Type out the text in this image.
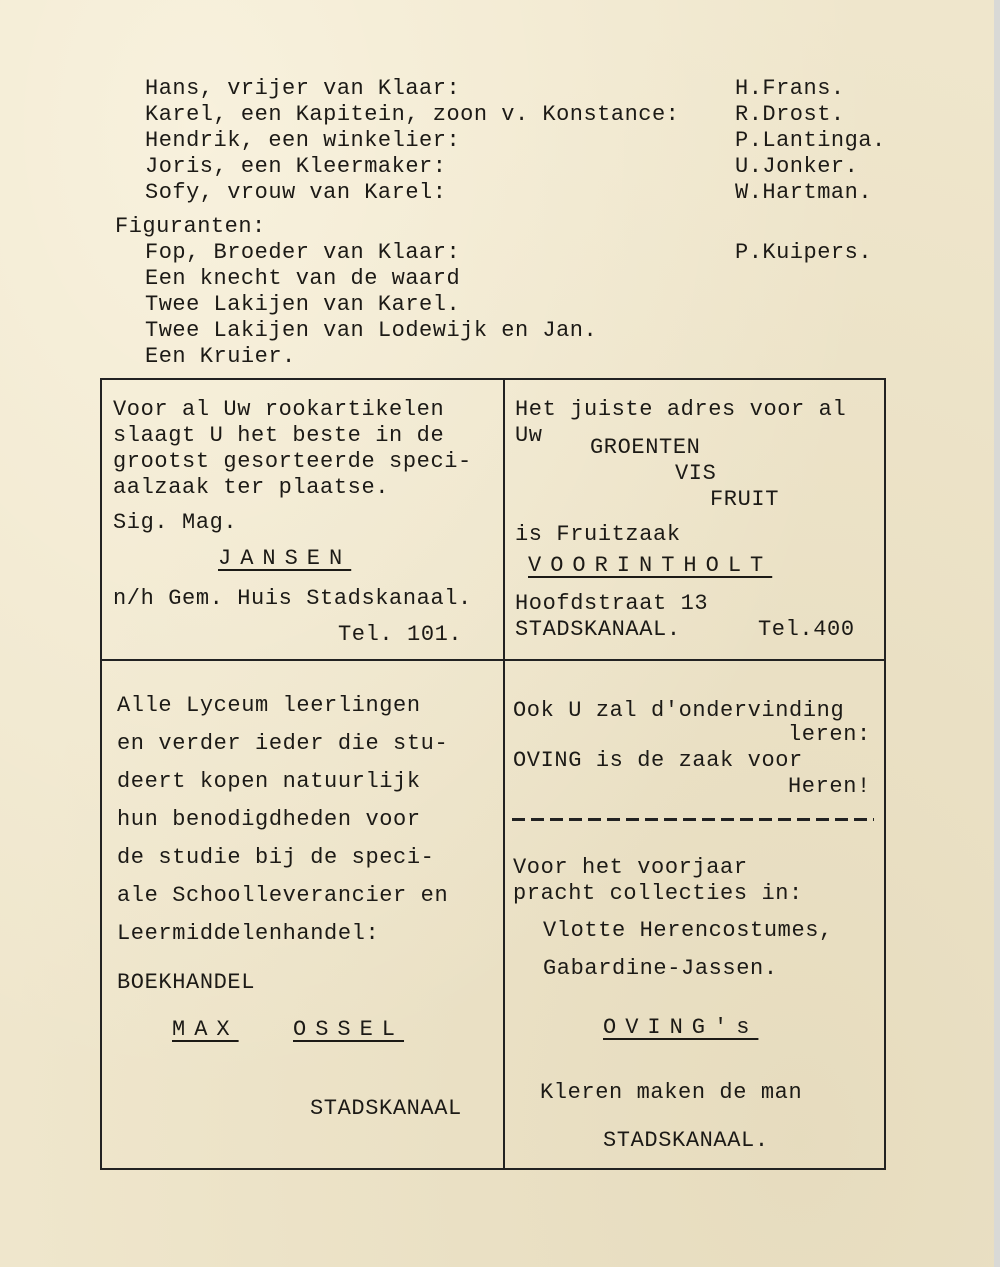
Hans, vrijer van Klaar:	H.Frans.
Karel, een Kapitein, zoon v. Konstance:	R.Drost.
Hendrik, een winkelier:	P.Lantinga.
Joris, een Kleermaker:	U.Jonker.
Sofy, vrouw van Karel:	W.Hartman.
Figuranten:
Fop, Broeder van Klaar:	P.Kuipers.
Een knecht van de waard
Twee Lakijen van Karel.
Twee Lakijen van Lodewijk en Jan.
Een Kruier.
Voor al Uw rookartikelen
slaagt U het beste in de
grootst gesorteerde speci-
aalzaak ter plaatse.
Sig. Mag.
JANSEN
n/h Gem. Huis Stadskanaal.
Tel. 101.
Het juiste adres voor al
Uw GROENTEN
VIS
FRUIT
is Fruitzaak
VOORINTHOLT
Hoofdstraat 13
STADSKANAAL.	Tel.400
Alle Lyceum leerlingen
en verder ieder die stu-
deert kopen natuurlijk
hun benodigdheden voor
de studie bij de speci-
ale Schoolleverancier en
Leermiddelenhandel:
BOEKHANDEL
MAX OSSEL
STADSKANAAL
Ook U zal d'ondervinding
leren:
OVING is de zaak voor
Heren!
Voor het voorjaar
pracht collecties in:
Vlotte Herencostumes,
Gabardine-Jassen.
OVING's
Kleren maken de man
STADSKANAAL.
